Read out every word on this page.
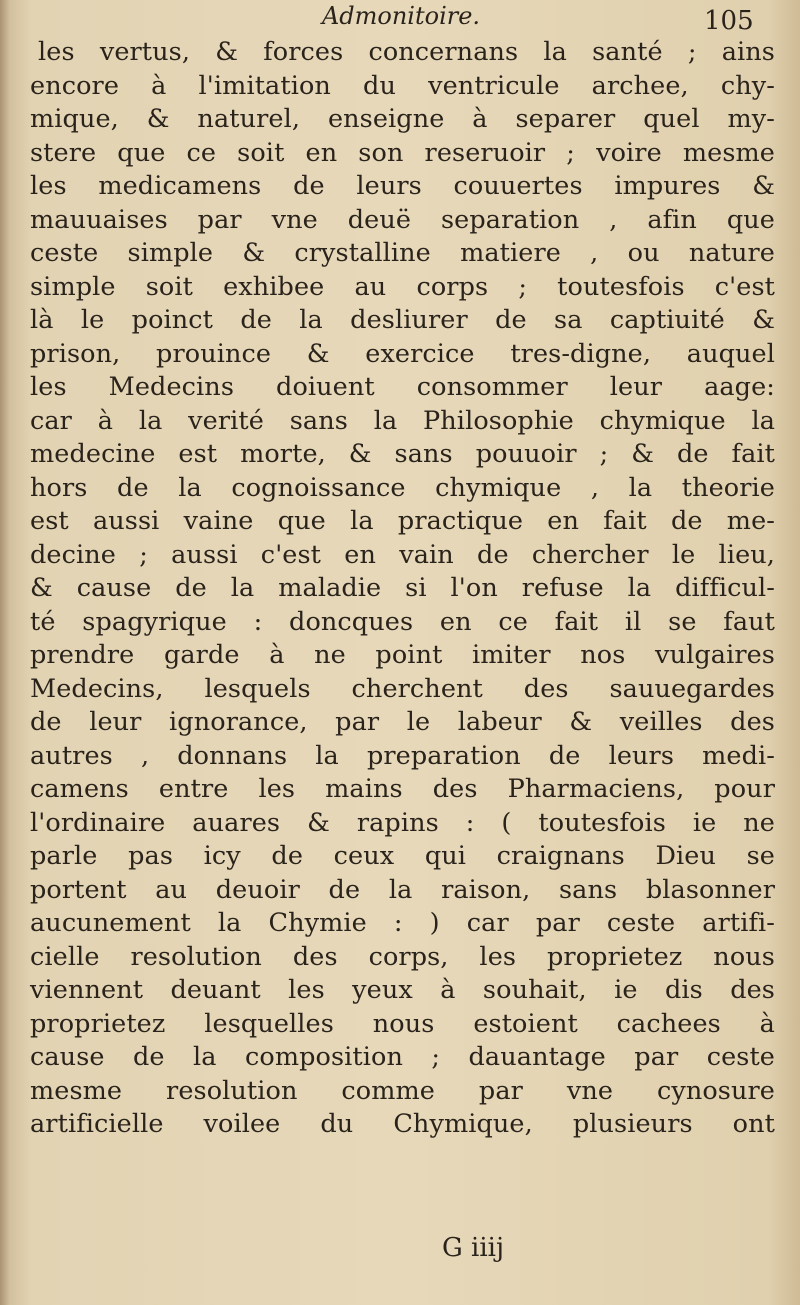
Admonitoire.	105
les vertus, & forces concernans la santé ; ains
encore à l'imitation du ventricule archee, chy-
mique, & naturel, enseigne à separer quel my-
stere que ce soit en son reseruoir ; voire mesme
les medicamens de leurs couuertes impures &
mauuaises par vne deuë separation , afin que
ceste simple & crystalline matiere , ou nature
simple soit exhibee au corps ; toutesfois c'est
là le poinct de la desliurer de sa captiuité &
prison, prouince & exercice tres-digne, auquel
les Medecins doiuent consommer leur aage:
car à la verité sans la Philosophie chymique la
medecine est morte, & sans pouuoir ; & de fait
hors de la cognoissance chymique , la theorie
est aussi vaine que la practique en fait de me-
decine ; aussi c'est en vain de chercher le lieu,
& cause de la maladie si l'on refuse la difficul-
té spagyrique : doncques en ce fait il se faut
prendre garde à ne point imiter nos vulgaires
Medecins, lesquels cherchent des sauuegardes
de leur ignorance, par le labeur & veilles des
autres , donnans la preparation de leurs medi-
camens entre les mains des Pharmaciens, pour
l'ordinaire auares & rapins : ( toutesfois ie ne
parle pas icy de ceux qui craignans Dieu se
portent au deuoir de la raison, sans blasonner
aucunement la Chymie : ) car par ceste artifi-
cielle resolution des corps, les proprietez nous
viennent deuant les yeux à souhait, ie dis des
proprietez lesquelles nous estoient cachees à
cause de la composition ; dauantage par ceste
mesme resolution comme par vne cynosure
artificielle voilee du Chymique, plusieurs ont
G iiij
